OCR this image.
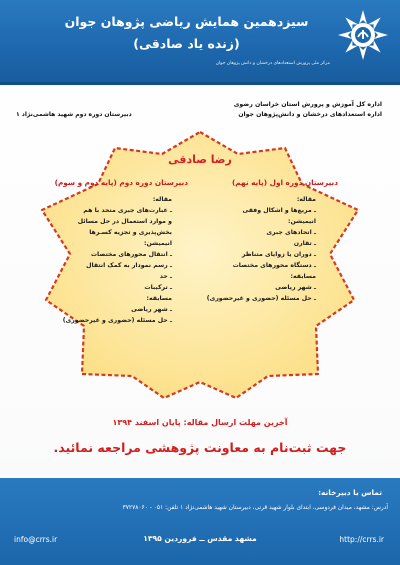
سیزدهمین همایش ریاضی پژوهان جوان
(زنده یاد صادقی)
مرکز ملی پرورش استعدادهای درخشان و دانش پژوهان جوان
اداره کل آموزش و پرورش استان خراسان رضوی
اداره استعدادهای درخشان و دانش‌پژوهان جوان
دبیرستان دوره دوم شهید هاشمی‌نژاد ۱
رضا صادقی
دبیرستان دوره اول (پایه نهم)
دبیرستان دوره دوم (پایه دوم و سوم)
مقاله:
ـ مربع‌ها و اشکال وفقی
انیمیشن:
ـ اتحادهای جبری
ـ تقارن
ـ دوران یا زوایای متناظر
ـ دستگاه محورهای مختصات
مسابقه:
ـ شهر ریاضی
ـ حل مسئله (حضوری و غیرحضوری)
مقاله:
ـ عبارت‌های جبری متحد با هم
و موارد استعمال در حل مسائل
بخش‌پذیری و تجزیه کسـرها
انیمیشن:
ـ انتقال محورهای مختصات
ـ رسم نمودار به کمک انتقال
ـ حد
ـ ترکیبات
مسابقه:
ـ شهر ریاضی
ـ حل مسئله (حضوری و غیرحضوری)
آخرین مهلت ارسال مقاله: پایان اسفند ۱۳۹۴
جهت ثبت‌نام به معاونت پژوهشی مراجعه نمائید.
تماس با دبیرخانه:
آدرس: مشهد، میدان فردوسی، ابتدای بلوار شهید قرنی، دبیرستان شهید هاشمی‌نژاد ۱ تلفن: ۰۵۱ - ۳۷۲۷۸۰۶۰
info@crrs.ir	مشهد مقدس ــ فروردین ۱۳۹۵	http://crrs.ir
